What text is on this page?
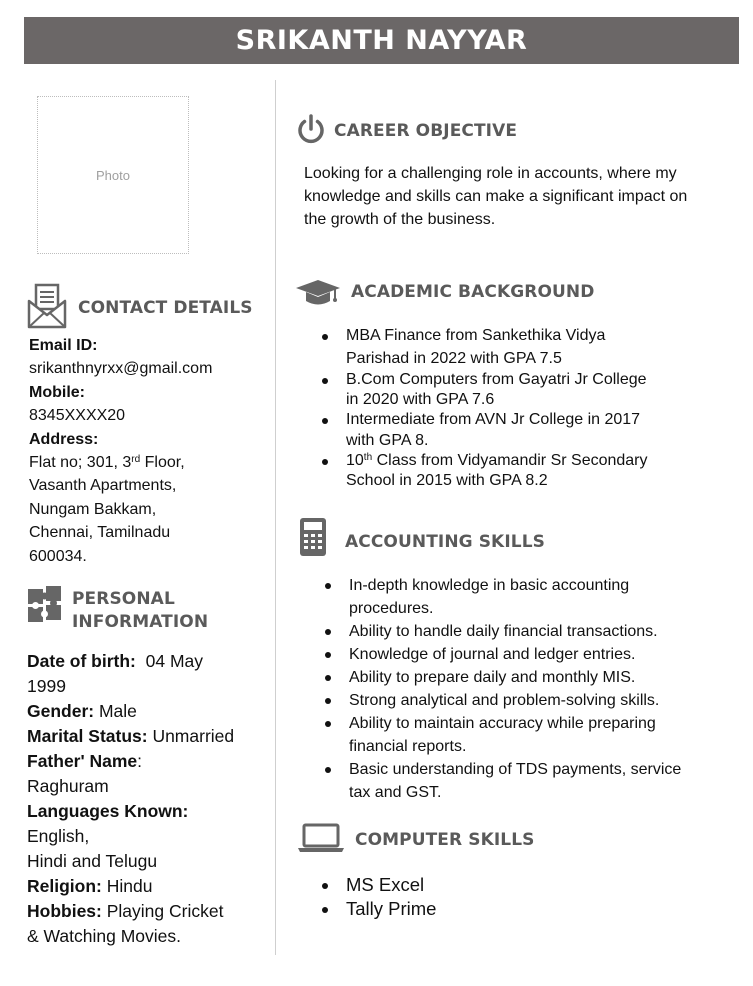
SRIKANTH NAYYAR
Photo
CONTACT DETAILS
Email ID:
srikanthnyrxx@gmail.com
Mobile:
8345XXXX20
Address:
Flat no; 301, 3rd Floor,
Vasanth Apartments,
Nungam Bakkam,
Chennai, Tamilnadu
600034.
PERSONAL
INFORMATION
Date of birth:  04 May
1999
Gender: Male
Marital Status: Unmarried
Father' Name:
Raghuram
Languages Known:
English,
Hindi and Telugu
Religion: Hindu
Hobbies: Playing Cricket
& Watching Movies.
CAREER OBJECTIVE
Looking for a challenging role in accounts, where my
knowledge and skills can make a significant impact on
the growth of the business.
ACADEMIC BACKGROUND
MBA Finance from Sankethika Vidya
Parishad in 2022 with GPA 7.5
B.Com Computers from Gayatri Jr College
in 2020 with GPA 7.6
Intermediate from AVN Jr College in 2017
with GPA 8.
10th Class from Vidyamandir Sr Secondary
School in 2015 with GPA 8.2
ACCOUNTING SKILLS
In-depth knowledge in basic accounting
procedures.
Ability to handle daily financial transactions.
Knowledge of journal and ledger entries.
Ability to prepare daily and monthly MIS.
Strong analytical and problem-solving skills.
Ability to maintain accuracy while preparing
financial reports.
Basic understanding of TDS payments, service
tax and GST.
COMPUTER SKILLS
MS Excel
Tally Prime
